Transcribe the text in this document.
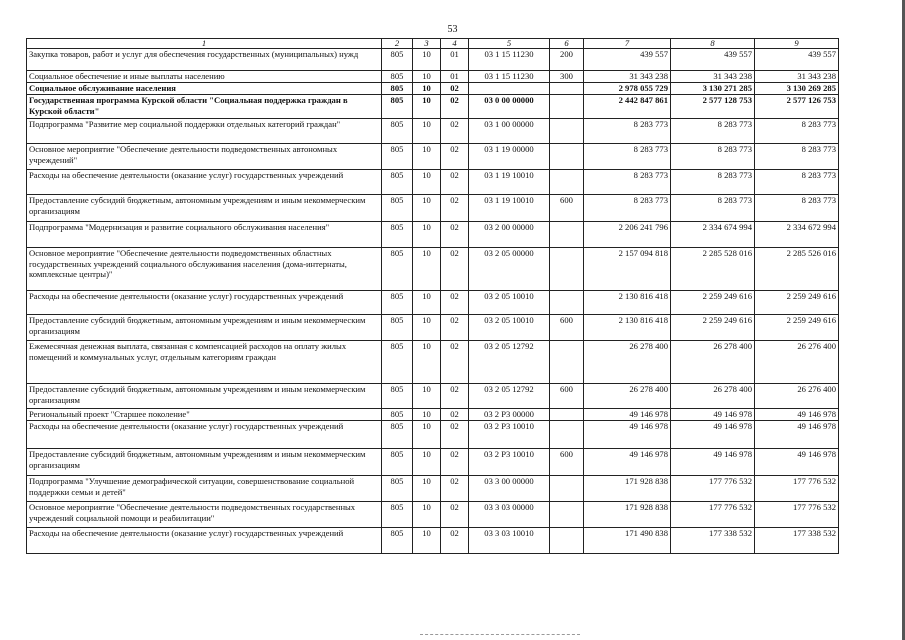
53
1	2	3	4	5	6	7	8	9
Закупка товаров, работ и услуг для обеспечения государственных (муниципальных) нужд	805	10	01	03 1 15 11230	200	439 557	439 557	439 557
Социальное обеспечение и иные выплаты населению	805	10	01	03 1 15 11230	300	31 343 238	31 343 238	31 343 238
Социальное обслуживание населения	805	10	02			2 978 055 729	3 130 271 285	3 130 269 285
Государственная программа Курской области "Социальная поддержка граждан в Курской области"	805	10	02	03 0 00 00000		2 442 847 861	2 577 128 753	2 577 126 753
Подпрограмма "Развитие мер социальной поддержки отдельных категорий граждан"	805	10	02	03 1 00 00000		8 283 773	8 283 773	8 283 773
Основное мероприятие "Обеспечение деятельности подведомственных автономных учреждений"	805	10	02	03 1 19 00000		8 283 773	8 283 773	8 283 773
Расходы на обеспечение деятельности (оказание услуг) государственных учреждений	805	10	02	03 1 19 10010		8 283 773	8 283 773	8 283 773
Предоставление субсидий бюджетным, автономным учреждениям и иным некоммерческим организациям	805	10	02	03 1 19 10010	600	8 283 773	8 283 773	8 283 773
Подпрограмма "Модернизация и развитие социального обслуживания населения"	805	10	02	03 2 00 00000		2 206 241 796	2 334 674 994	2 334 672 994
Основное мероприятие "Обеспечение деятельности подведомственных областных государственных учреждений социального обслуживания населения (дома-интернаты, комплексные центры)"	805	10	02	03 2 05 00000		2 157 094 818	2 285 528 016	2 285 526 016
Расходы на обеспечение деятельности (оказание услуг) государственных учреждений	805	10	02	03 2 05 10010		2 130 816 418	2 259 249 616	2 259 249 616
Предоставление субсидий бюджетным, автономным учреждениям и иным некоммерческим организациям	805	10	02	03 2 05 10010	600	2 130 816 418	2 259 249 616	2 259 249 616
Ежемесячная денежная выплата, связанная с компенсацией расходов на оплату жилых помещений и коммунальных услуг, отдельным категориям граждан	805	10	02	03 2 05 12792		26 278 400	26 278 400	26 276 400
Предоставление субсидий бюджетным, автономным учреждениям и иным некоммерческим организациям	805	10	02	03 2 05 12792	600	26 278 400	26 278 400	26 276 400
Региональный проект "Старшее поколение"	805	10	02	03 2 P3 00000		49 146 978	49 146 978	49 146 978
Расходы на обеспечение деятельности (оказание услуг) государственных учреждений	805	10	02	03 2 P3 10010		49 146 978	49 146 978	49 146 978
Предоставление субсидий бюджетным, автономным учреждениям и иным некоммерческим организациям	805	10	02	03 2 P3 10010	600	49 146 978	49 146 978	49 146 978
Подпрограмма "Улучшение демографической ситуации, совершенствование социальной поддержки семьи и детей"	805	10	02	03 3 00 00000		171 928 838	177 776 532	177 776 532
Основное мероприятие "Обеспечение деятельности подведомственных государственных учреждений социальной помощи и реабилитации"	805	10	02	03 3 03 00000		171 928 838	177 776 532	177 776 532
Расходы на обеспечение деятельности (оказание услуг) государственных учреждений	805	10	02	03 3 03 10010		171 490 838	177 338 532	177 338 532
